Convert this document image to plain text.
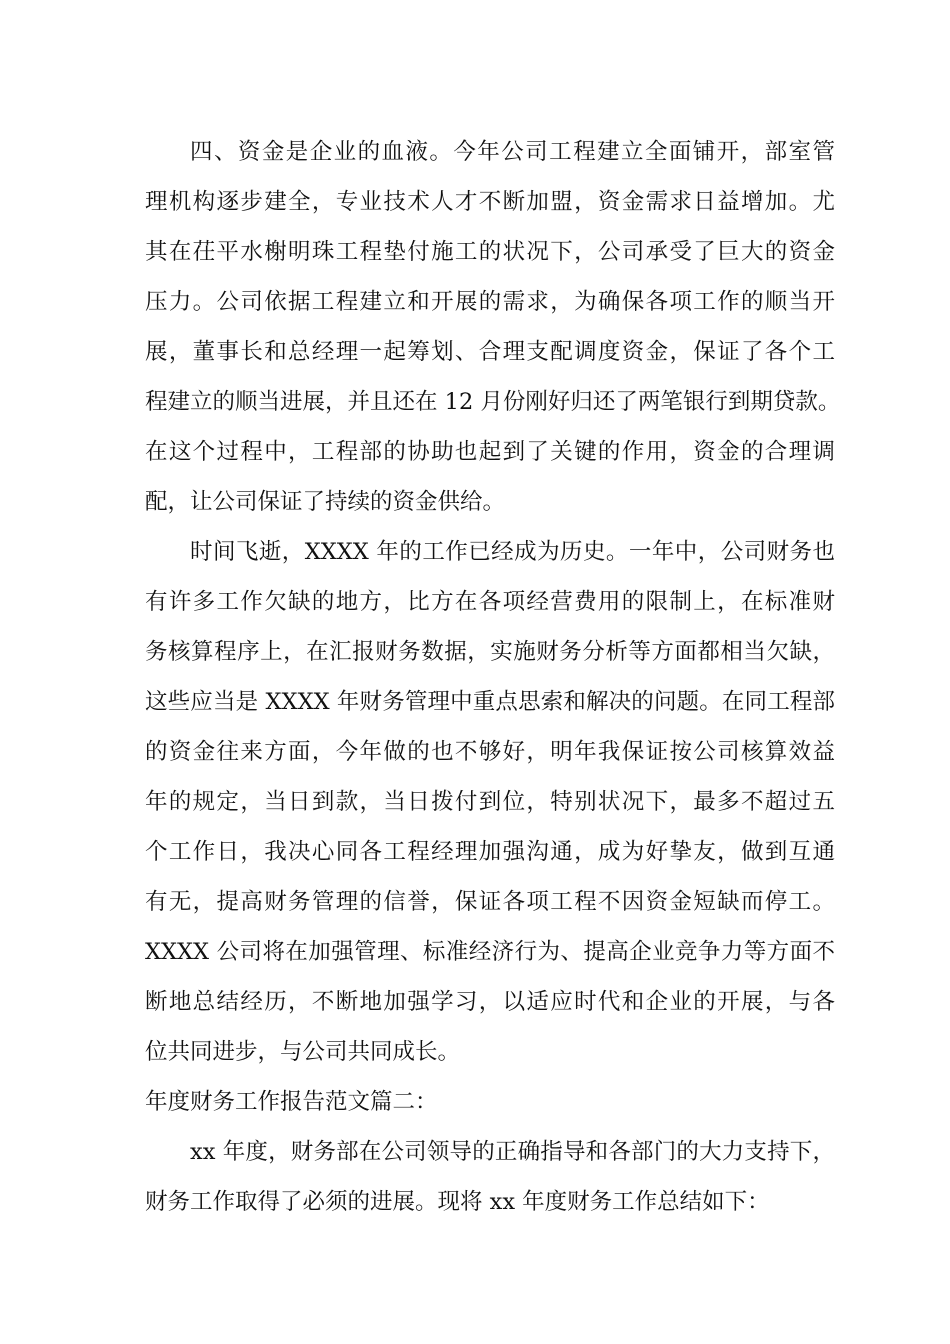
四、资金是企业的血液。今年公司工程建立全面铺开，部室管
理机构逐步建全，专业技术人才不断加盟，资金需求日益增加。尤
其在茌平水榭明珠工程垫付施工的状况下，公司承受了巨大的资金
压力。公司依据工程建立和开展的需求，为确保各项工作的顺当开
展，董事长和总经理一起筹划、合理支配调度资金，保证了各个工
程建立的顺当进展，并且还在 12 月份刚好归还了两笔银行到期贷款。
在这个过程中，工程部的协助也起到了关键的作用，资金的合理调
配，让公司保证了持续的资金供给。
时间飞逝，XXXX 年的工作已经成为历史。一年中，公司财务也
有许多工作欠缺的地方，比方在各项经营费用的限制上，在标准财
务核算程序上，在汇报财务数据，实施财务分析等方面都相当欠缺，
这些应当是 XXXX 年财务管理中重点思索和解决的问题。在同工程部
的资金往来方面，今年做的也不够好，明年我保证按公司核算效益
年的规定，当日到款，当日拨付到位，特别状况下，最多不超过五
个工作日，我决心同各工程经理加强沟通，成为好挚友，做到互通
有无，提高财务管理的信誉，保证各项工程不因资金短缺而停工。
XXXX 公司将在加强管理、标准经济行为、提高企业竞争力等方面不
断地总结经历，不断地加强学习，以适应时代和企业的开展，与各
位共同进步，与公司共同成长。
年度财务工作报告范文篇二：
xx 年度，财务部在公司领导的正确指导和各部门的大力支持下，
财务工作取得了必须的进展。现将 xx 年度财务工作总结如下：
